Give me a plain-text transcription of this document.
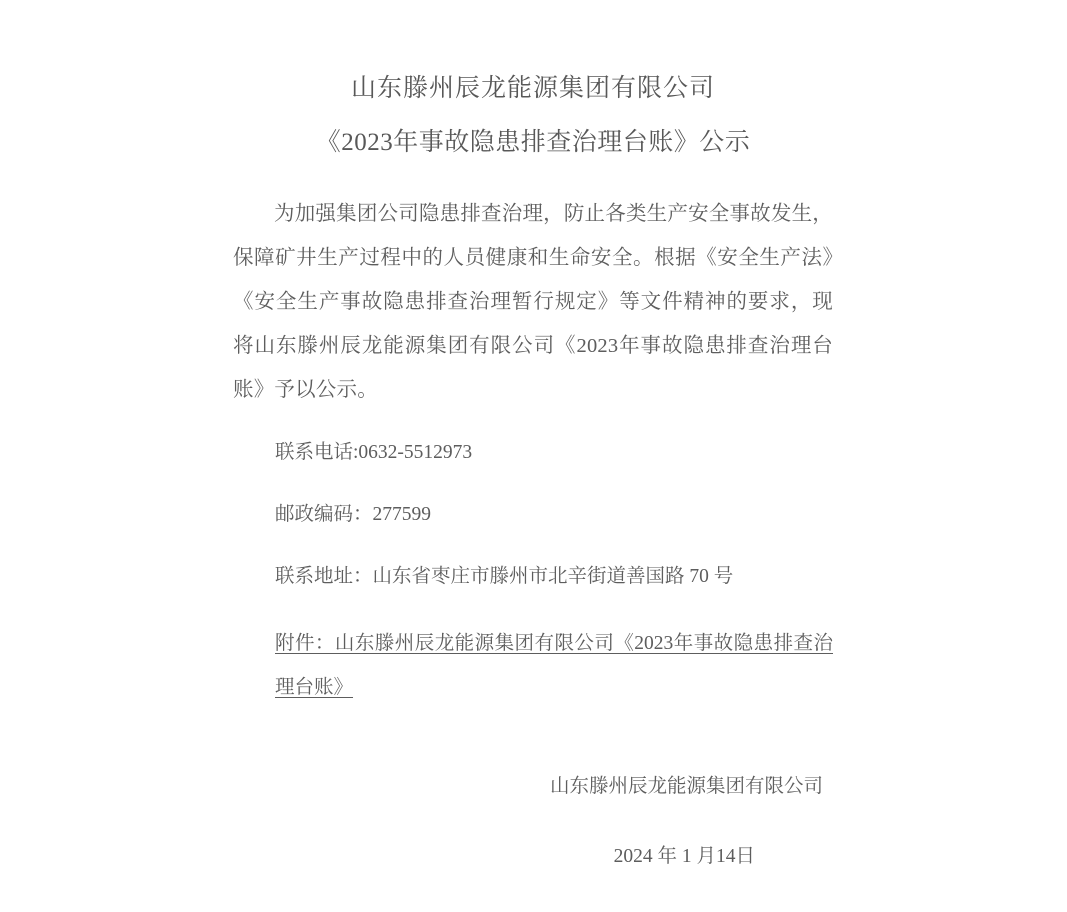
山东滕州辰龙能源集团有限公司
《2023年事故隐患排查治理台账》公示
为加强集团公司隐患排查治理，防止各类生产安全事故发生，保障矿井生产过程中的人员健康和生命安全。根据《安全生产法》《安全生产事故隐患排查治理暂行规定》等文件精神的要求，现将山东滕州辰龙能源集团有限公司《2023年事故隐患排查治理台账》予以公示。
联系电话:0632-5512973
邮政编码：277599
联系地址：山东省枣庄市滕州市北辛街道善国路 70 号
附件：山东滕州辰龙能源集团有限公司《2023年事故隐患排查治理台账》
山东滕州辰龙能源集团有限公司
2024 年 1 月14日
